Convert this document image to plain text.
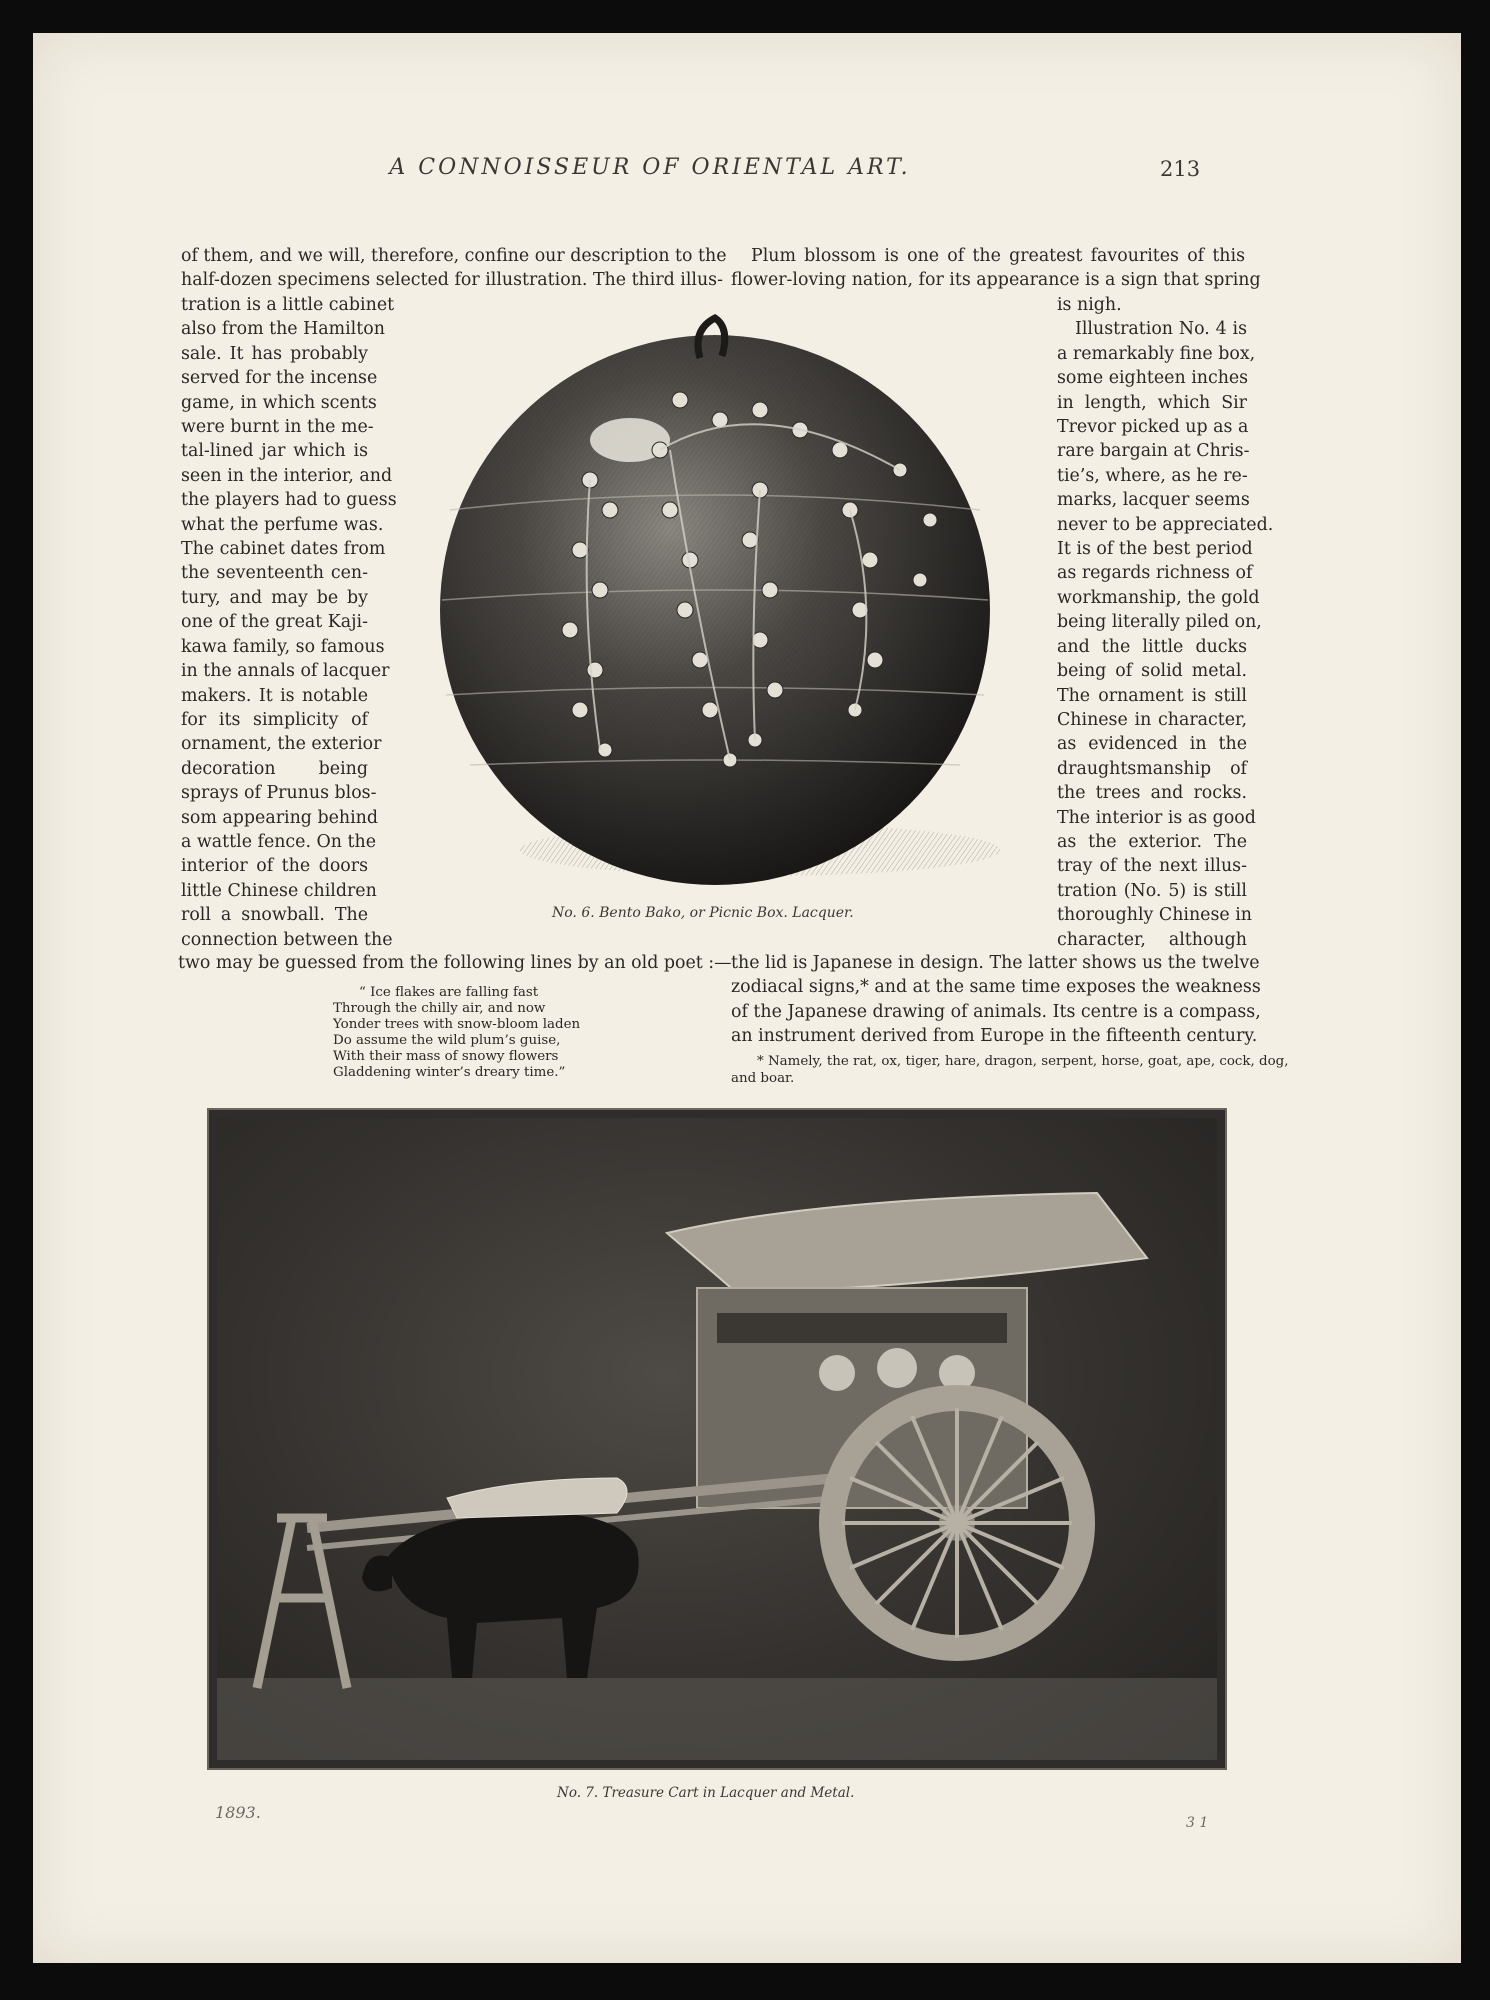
A CONNOISSEUR OF ORIENTAL ART.	213
of them, and we will, therefore, confine our description to the
half-dozen specimens selected for illustration. The third illus-
tration is a little cabinet
also from the Hamilton
sale. It has probably
served for the incense
game, in which scents
were burnt in the me-
tal-lined jar which is
seen in the interior, and
the players had to guess
what the perfume was.
The cabinet dates from
the seventeenth cen-
tury, and may be by
one of the great Kaji-
kawa family, so famous
in the annals of lacquer
makers. It is notable
for its simplicity of
ornament, the exterior
decoration being
sprays of Prunus blos-
som appearing behind
a wattle fence. On the
interior of the doors
little Chinese children
roll a snowball. The
connection between the
two may be guessed from the following lines by an old poet :—
“ Ice flakes are falling fast
Through the chilly air, and now
Yonder trees with snow-bloom laden
Do assume the wild plum’s guise,
With their mass of snowy flowers
Gladdening winter’s dreary time.”
Plum blossom is one of the greatest favourites of this
flower-loving nation, for its appearance is a sign that spring
is nigh.
Illustration No. 4 is
a remarkably fine box,
some eighteen inches
in length, which Sir
Trevor picked up as a
rare bargain at Chris-
tie’s, where, as he re-
marks, lacquer seems
never to be appreciated.
It is of the best period
as regards richness of
workmanship, the gold
being literally piled on,
and the little ducks
being of solid metal.
The ornament is still
Chinese in character,
as evidenced in the
draughtsmanship of
the trees and rocks.
The interior is as good
as the exterior. The
tray of the next illus-
tration (No. 5) is still
thoroughly Chinese in
character, although
the lid is Japanese in design. The latter shows us the twelve
zodiacal signs,* and at the same time exposes the weakness
of the Japanese drawing of animals. Its centre is a compass,
an instrument derived from Europe in the fifteenth century.
* Namely, the rat, ox, tiger, hare, dragon, serpent, horse, goat, ape, cock, dog,
and boar.
No. 6. Bento Bako, or Picnic Box. Lacquer.
No. 7. Treasure Cart in Lacquer and Metal.
1893.
3 1
